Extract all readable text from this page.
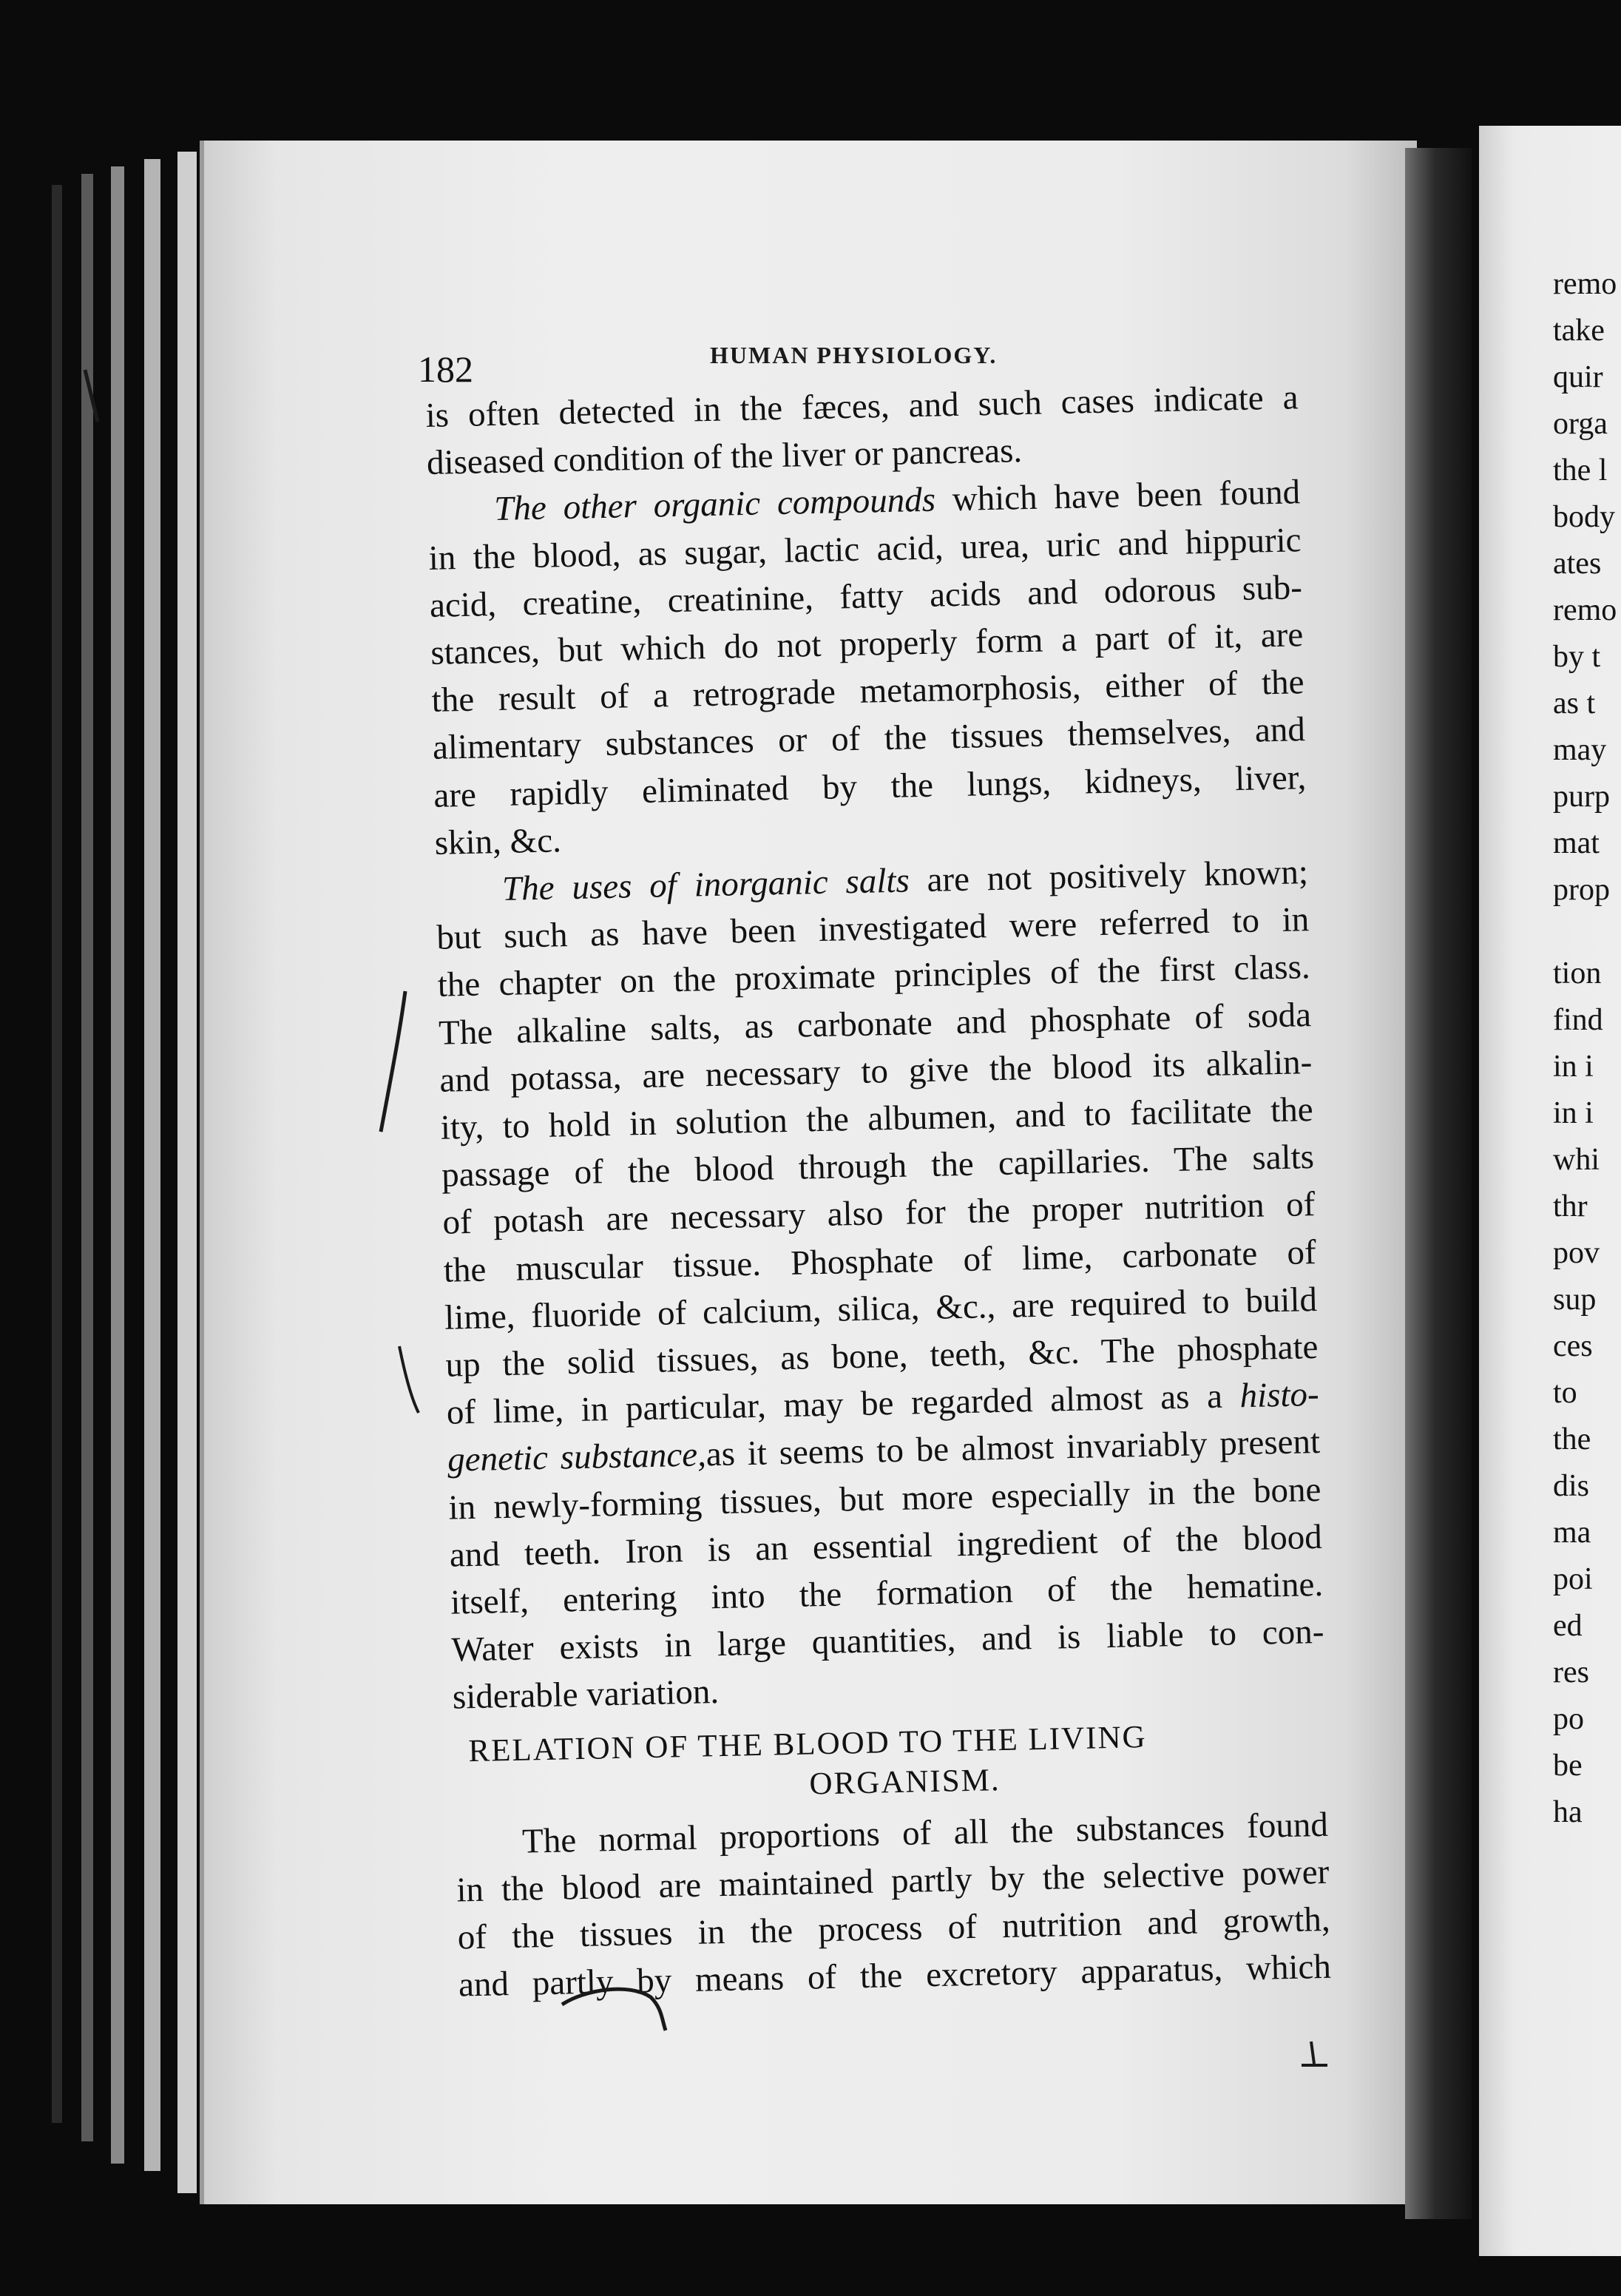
remo
take
quir
orga
the l
body
ates
remo
by t
as t
may
purp
mat
prop
tion
find
in i
in i
whi
thr
pov
sup
ces
to
the
dis
ma
poi
ed
res
po
be
ha
182	HUMAN PHYSIOLOGY.
is often detected in the fæces, and such cases indicate a
diseased condition of the liver or pancreas.
The other organic compounds which have been found
in the blood, as sugar, lactic acid, urea, uric and hippuric
acid, creatine, creatinine, fatty acids and odorous sub-
stances, but which do not properly form a part of it, are
the result of a retrograde metamorphosis, either of the
alimentary substances or of the tissues themselves, and
are rapidly eliminated by the lungs, kidneys, liver,
skin, &c.
The uses of inorganic salts are not positively known;
but such as have been investigated were referred to in
the chapter on the proximate principles of the first class.
The alkaline salts, as carbonate and phosphate of soda
and potassa, are necessary to give the blood its alkalin-
ity, to hold in solution the albumen, and to facilitate the
passage of the blood through the capillaries. The salts
of potash are necessary also for the proper nutrition of
the muscular tissue. Phosphate of lime, carbonate of
lime, fluoride of calcium, silica, &c., are required to build
up the solid tissues, as bone, teeth, &c. The phosphate
of lime, in particular, may be regarded almost as a histo-
genetic substance,as it seems to be almost invariably present
in newly-forming tissues, but more especially in the bone
and teeth. Iron is an essential ingredient of the blood
itself, entering into the formation of the hematine.
Water exists in large quantities, and is liable to con-
siderable variation.
RELATION OF THE BLOOD TO THE LIVING
ORGANISM.
The normal proportions of all the substances found
in the blood are maintained partly by the selective power
of the tissues in the process of nutrition and growth,
and partly by means of the excretory apparatus, which
